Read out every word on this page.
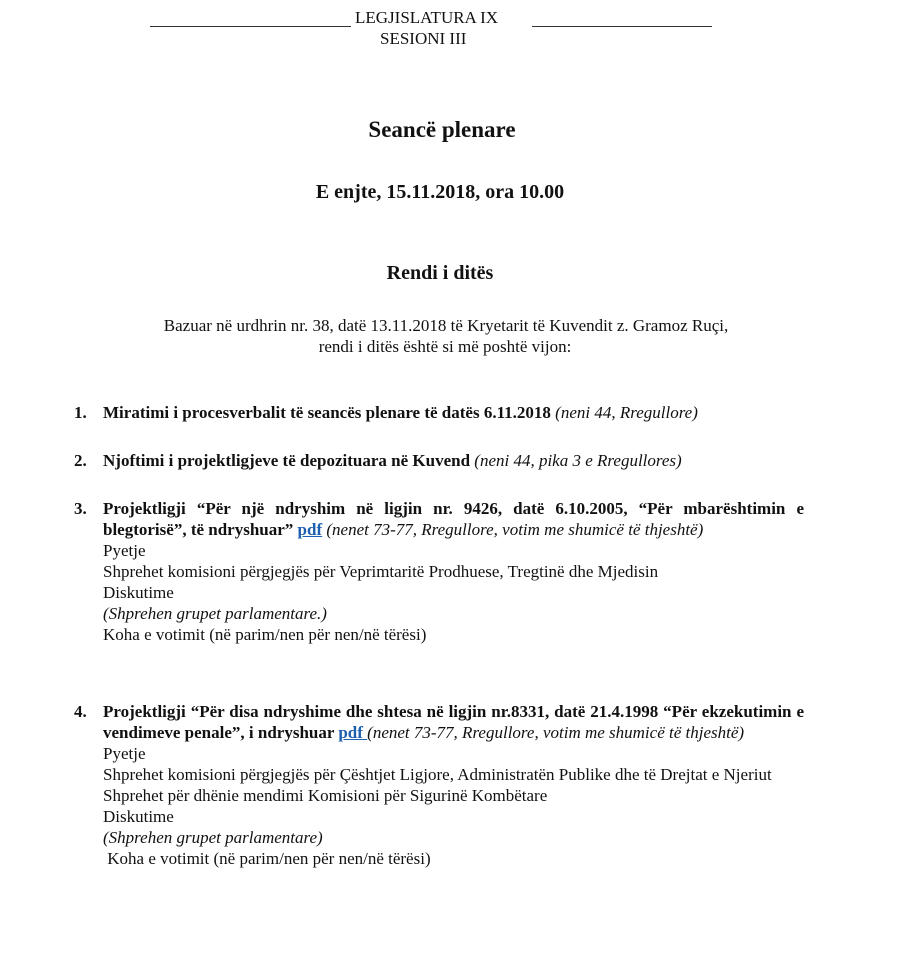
LEGJISLATURA IX
SESIONI III
Seancë plenare
E enjte, 15.11.2018, ora 10.00
Rendi i ditës
Bazuar në urdhrin nr. 38, datë 13.11.2018 të Kryetarit të Kuvendit z. Gramoz Ruçi,
rendi i ditës është si më poshtë vijon:
1. Miratimi i procesverbalit të seancës plenare të datës 6.11.2018 (neni 44, Rregullore)
2. Njoftimi i projektligjeve të depozituara në Kuvend (neni 44, pika 3 e Rregullores)
3. Projektligji “Për një ndryshim në ligjin nr. 9426, datë 6.10.2005, “Për mbarështimin e blegtorisë”, të ndryshuar” pdf (nenet 73-77, Rregullore, votim me shumicë të thjeshtë)
Pyetje
Shprehet komisioni përgjegjës për Veprimtaritë Prodhuese, Tregtinë dhe Mjedisin
Diskutime
(Shprehen grupet parlamentare.)
Koha e votimit (në parim/nen për nen/në tërësi)
4. Projektligji “Për disa ndryshime dhe shtesa në ligjin nr.8331, datë 21.4.1998 “Për ekzekutimin e vendimeve penale”, i ndryshuar pdf (nenet 73-77, Rregullore, votim me shumicë të thjeshtë)
Pyetje
Shprehet komisioni përgjegjës për Çështjet Ligjore, Administratën Publike dhe të Drejtat e Njeriut
Shprehet për dhënie mendimi Komisioni për Sigurinë Kombëtare
Diskutime
(Shprehen grupet parlamentare)
Koha e votimit (në parim/nen për nen/në tërësi)
